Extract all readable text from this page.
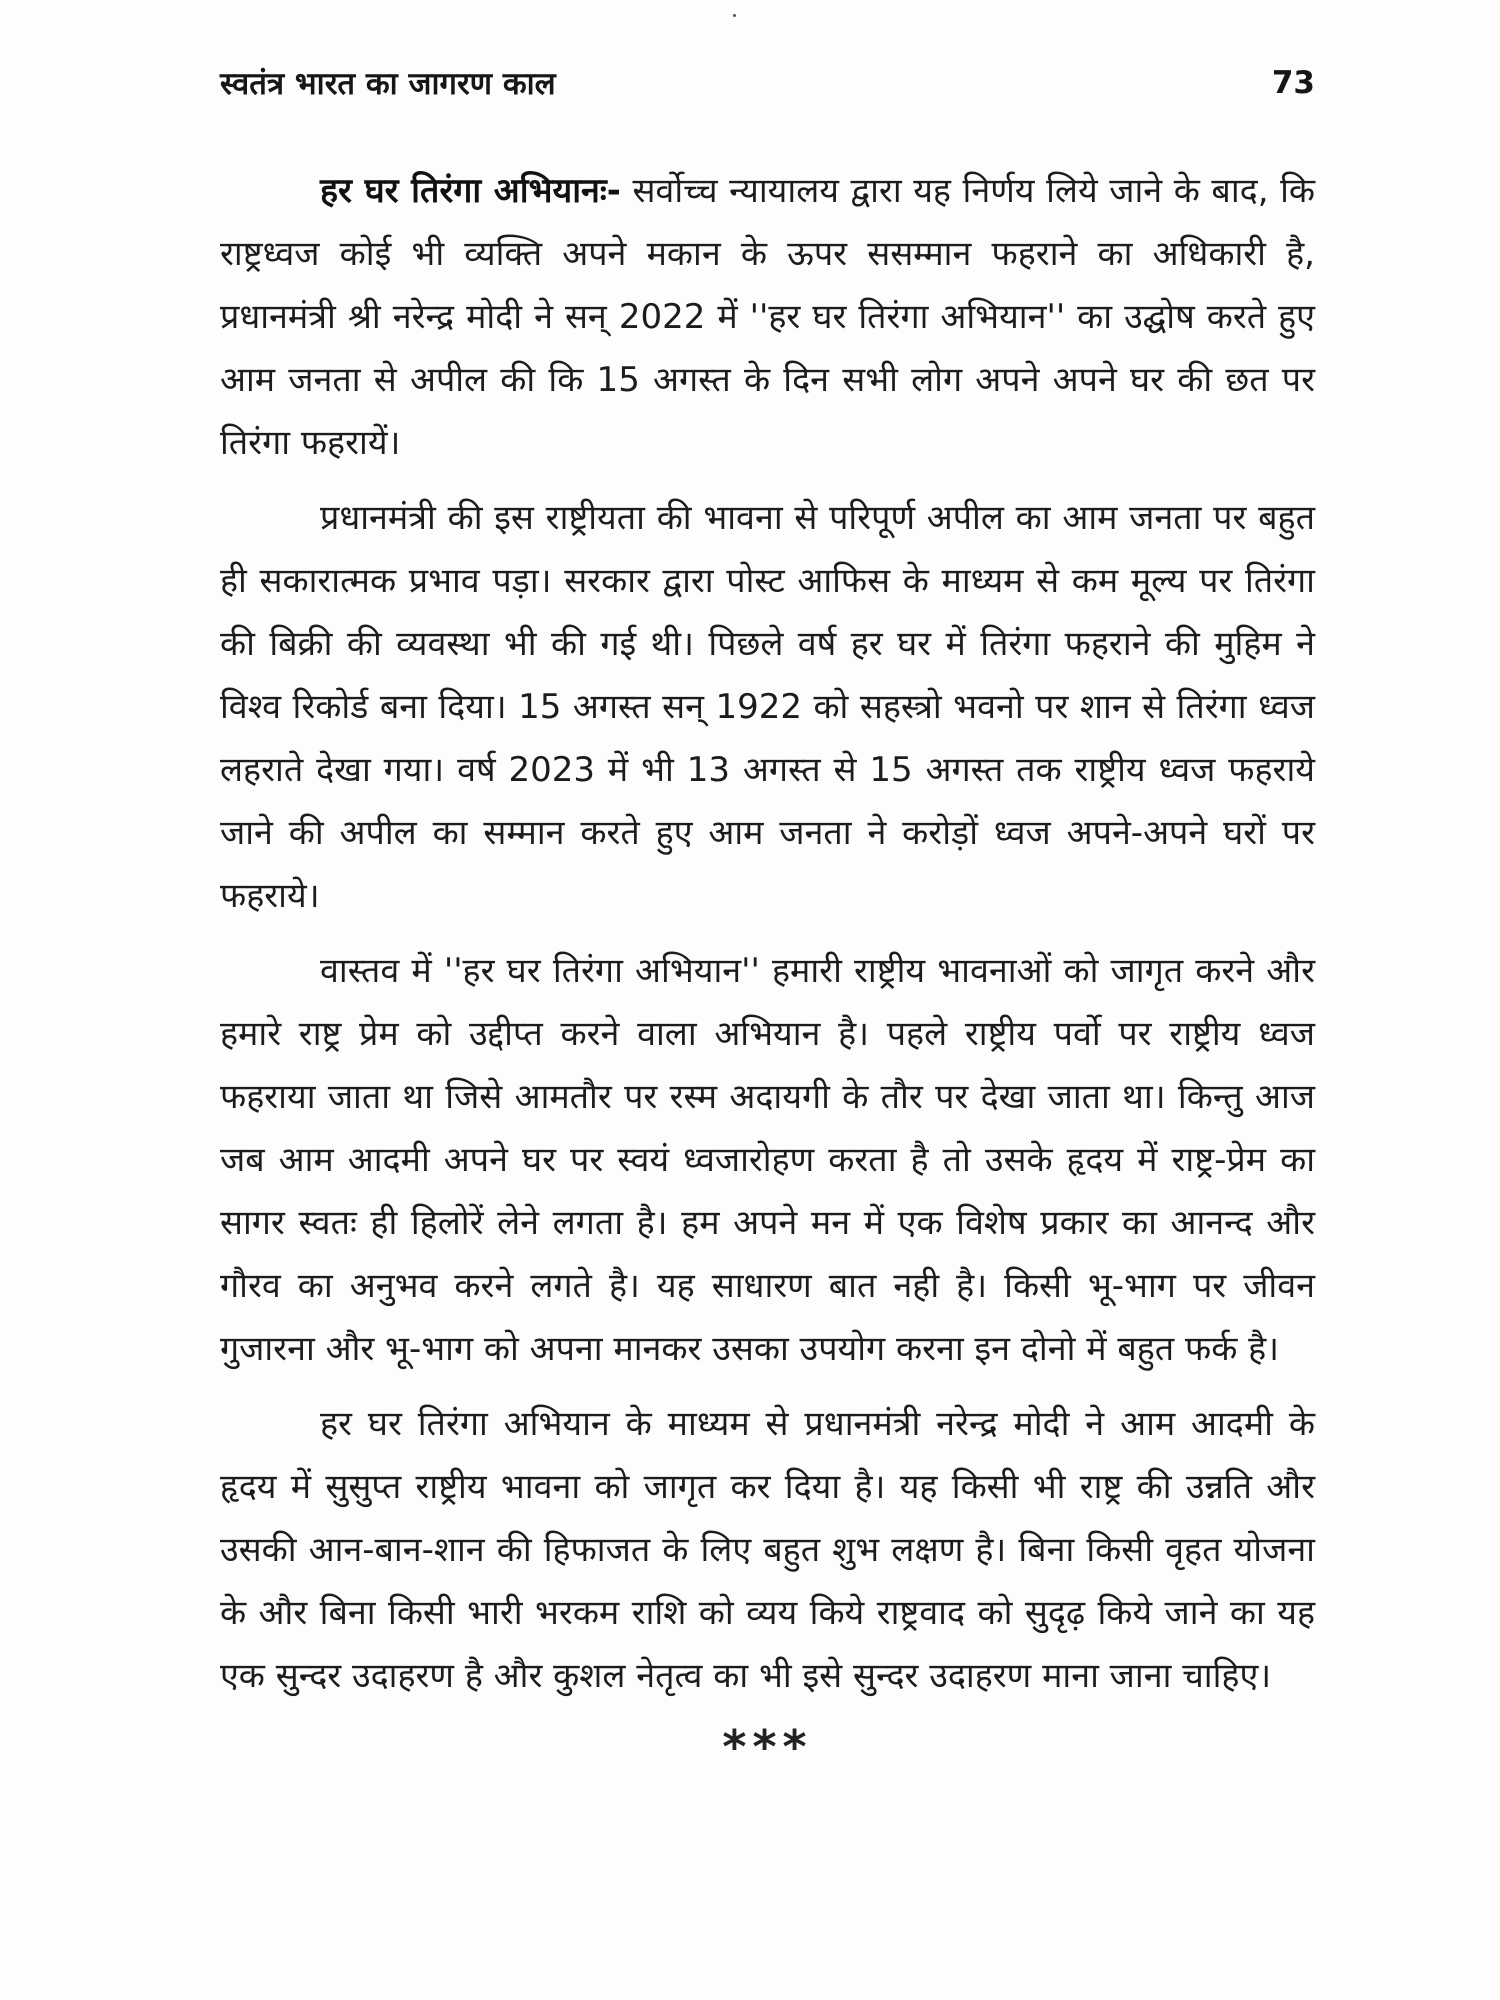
स्वतंत्र भारत का जागरण काल	73

हर घर तिरंगा अभियानः- सर्वोच्च न्यायालय द्वारा यह निर्णय लिये जाने के बाद, कि राष्ट्रध्वज कोई भी व्यक्ति अपने मकान के ऊपर ससम्मान फहराने का अधिकारी है, प्रधानमंत्री श्री नरेन्द्र मोदी ने सन् 2022 में ''हर घर तिरंगा अभियान'' का उद्घोष करते हुए आम जनता से अपील की कि 15 अगस्त के दिन सभी लोग अपने अपने घर की छत पर तिरंगा फहरायें।

प्रधानमंत्री की इस राष्ट्रीयता की भावना से परिपूर्ण अपील का आम जनता पर बहुत ही सकारात्मक प्रभाव पड़ा। सरकार द्वारा पोस्ट आफिस के माध्यम से कम मूल्य पर तिरंगा की बिक्री की व्यवस्था भी की गई थी। पिछले वर्ष हर घर में तिरंगा फहराने की मुहिम ने विश्व रिकोर्ड बना दिया। 15 अगस्त सन् 1922 को सहस्त्रो भवनो पर शान से तिरंगा ध्वज लहराते देखा गया। वर्ष 2023 में भी 13 अगस्त से 15 अगस्त तक राष्ट्रीय ध्वज फहराये जाने की अपील का सम्मान करते हुए आम जनता ने करोड़ों ध्वज अपने-अपने घरों पर फहराये।

वास्तव में ''हर घर तिरंगा अभियान'' हमारी राष्ट्रीय भावनाओं को जागृत करने और हमारे राष्ट्र प्रेम को उद्दीप्त करने वाला अभियान है। पहले राष्ट्रीय पर्वो पर राष्ट्रीय ध्वज फहराया जाता था जिसे आमतौर पर रस्म अदायगी के तौर पर देखा जाता था। किन्तु आज जब आम आदमी अपने घर पर स्वयं ध्वजारोहण करता है तो उसके हृदय में राष्ट्र-प्रेम का सागर स्वतः ही हिलोरें लेने लगता है। हम अपने मन में एक विशेष प्रकार का आनन्द और गौरव का अनुभव करने लगते है। यह साधारण बात नही है। किसी भू-भाग पर जीवन गुजारना और भू-भाग को अपना मानकर उसका उपयोग करना इन दोनो में बहुत फर्क है।

हर घर तिरंगा अभियान के माध्यम से प्रधानमंत्री नरेन्द्र मोदी ने आम आदमी के हृदय में सुसुप्त राष्ट्रीय भावना को जागृत कर दिया है। यह किसी भी राष्ट्र की उन्नति और उसकी आन-बान-शान की हिफाजत के लिए बहुत शुभ लक्षण है। बिना किसी वृहत योजना के और बिना किसी भारी भरकम राशि को व्यय किये राष्ट्रवाद को सुदृढ़ किये जाने का यह एक सुन्दर उदाहरण है और कुशल नेतृत्व का भी इसे सुन्दर उदाहरण माना जाना चाहिए।

***
